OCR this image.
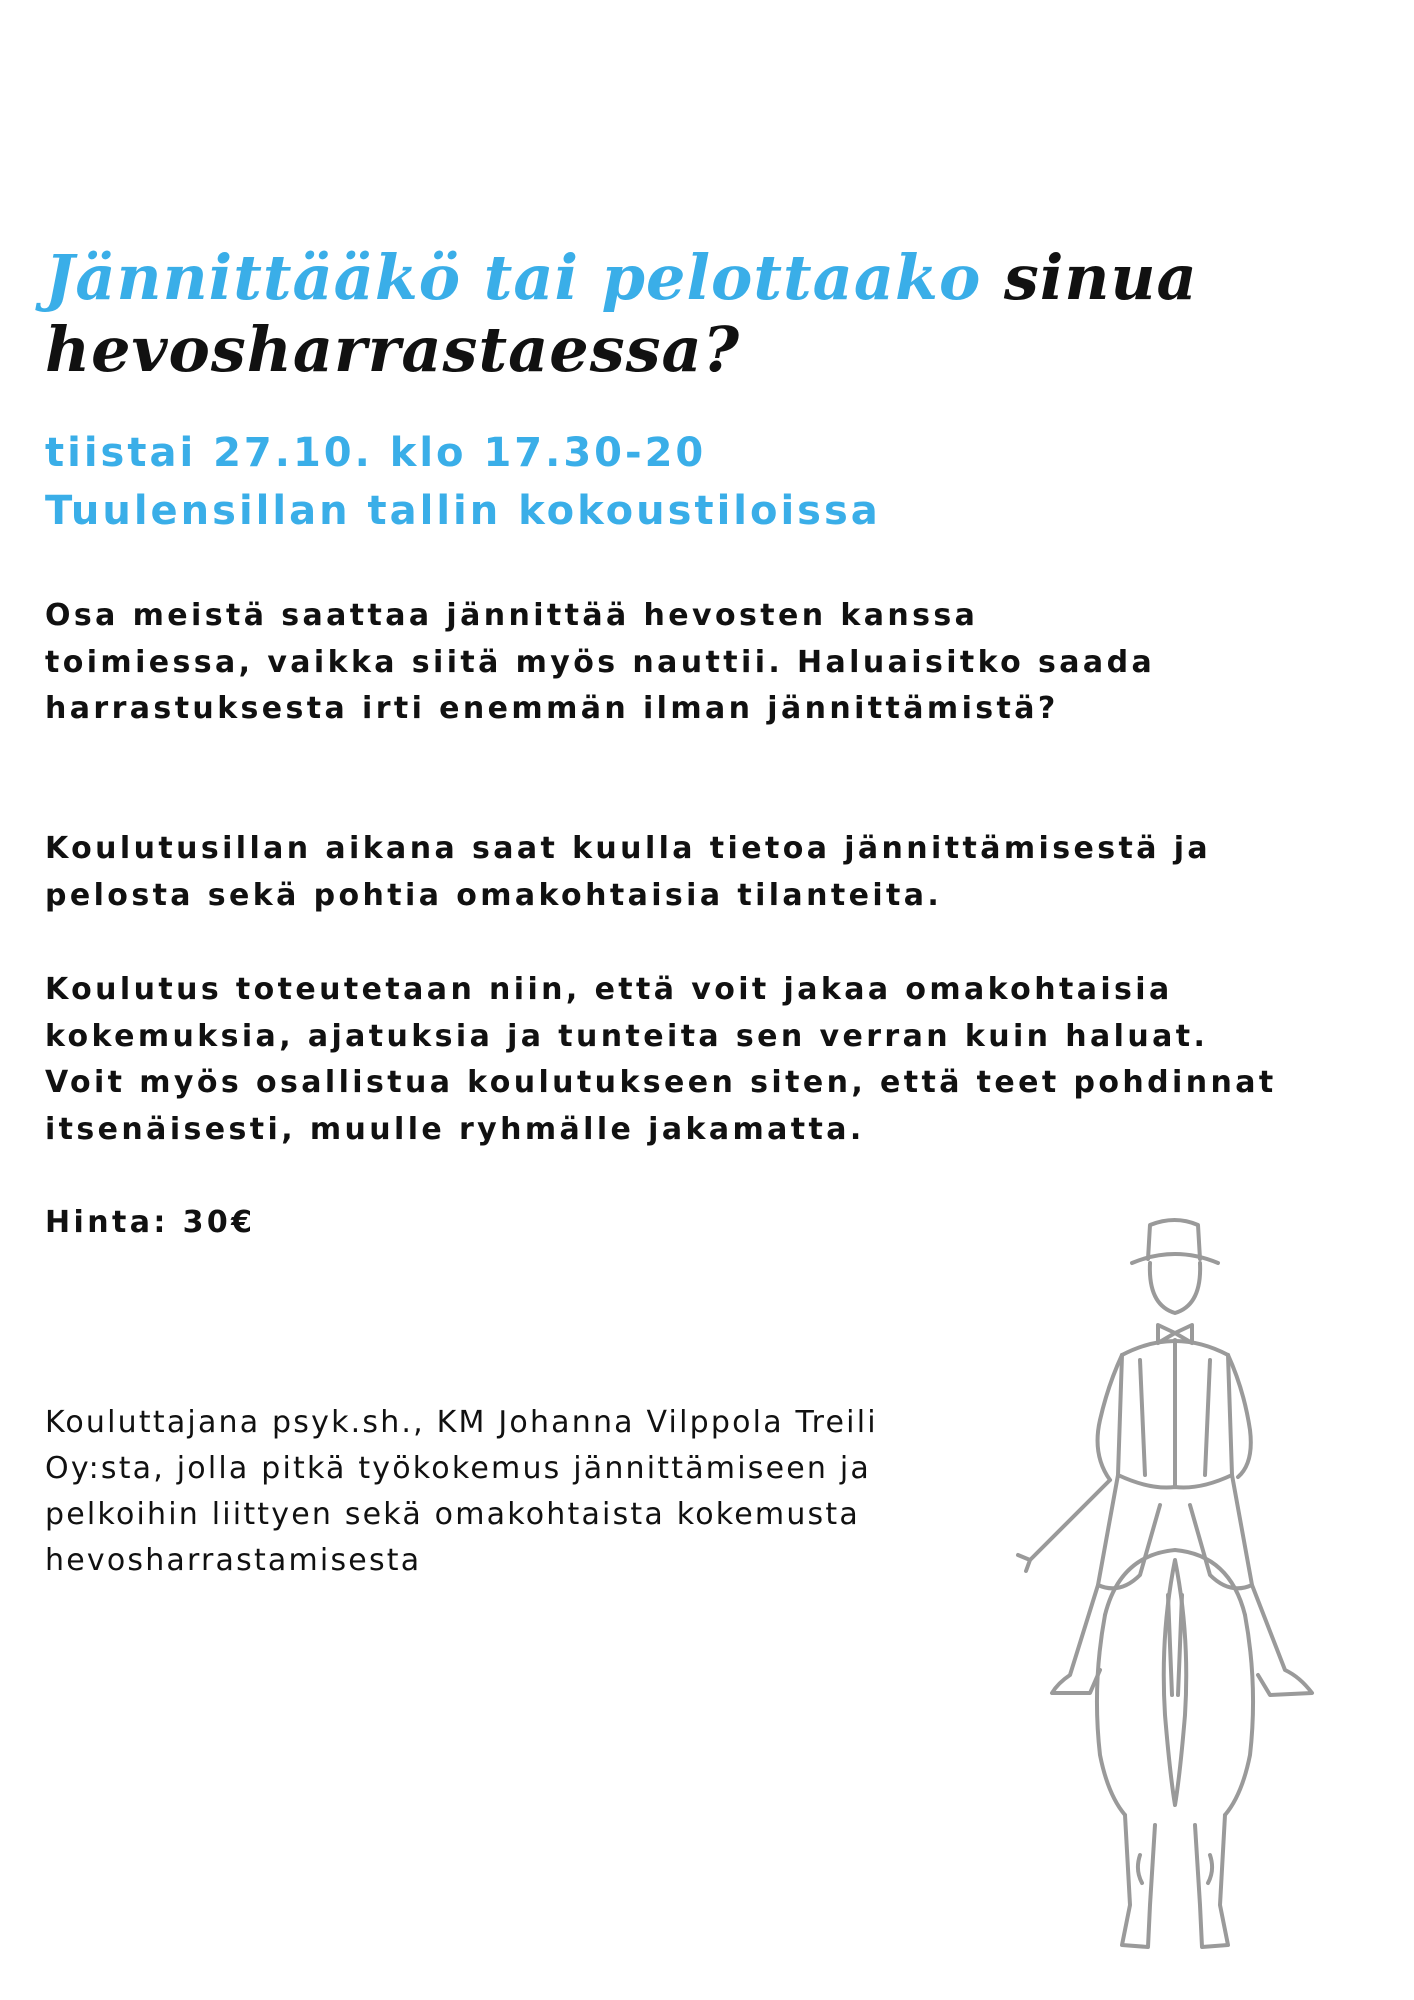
Jännittääkö tai pelottaako sinua
hevosharrastaessa?
tiistai 27.10. klo 17.30-20
Tuulensillan tallin kokoustiloissa
Osa meistä saattaa jännittää hevosten kanssa
toimiessa, vaikka siitä myös nauttii. Haluaisitko saada
harrastuksesta irti enemmän ilman jännittämistä?
Koulutusillan aikana saat kuulla tietoa jännittämisestä ja
pelosta sekä pohtia omakohtaisia tilanteita.
Koulutus toteutetaan niin, että voit jakaa omakohtaisia
kokemuksia, ajatuksia ja tunteita sen verran kuin haluat.
Voit myös osallistua koulutukseen siten, että teet pohdinnat
itsenäisesti, muulle ryhmälle jakamatta.
Hinta: 30€
Kouluttajana psyk.sh., KM Johanna Vilppola Treili
Oy:sta, jolla pitkä työkokemus jännittämiseen ja
pelkoihin liittyen sekä omakohtaista kokemusta
hevosharrastamisesta
